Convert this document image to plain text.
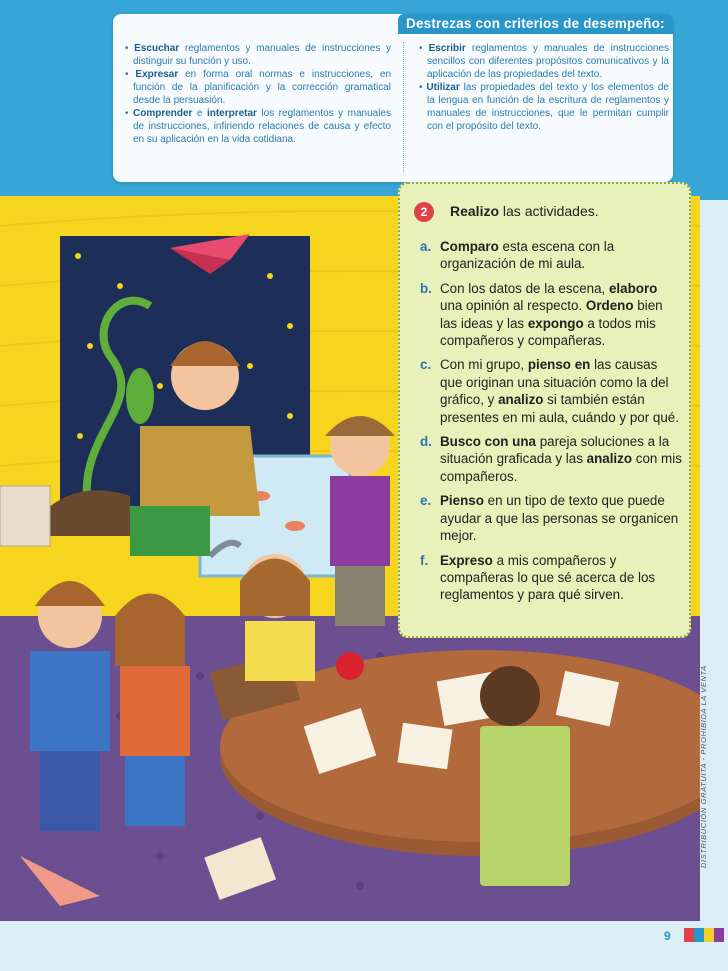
Destrezas con criterios de desempeño:

• Escuchar reglamentos y manuales de instrucciones y distinguir su función y uso.

• Expresar en forma oral normas e instrucciones, en función de la planificación y la corrección gramatical desde la persuasión.

• Comprender e interpretar los reglamentos y manuales de instrucciones, infiriendo relaciones de causa y efecto en su aplicación en la vida cotidiana.

• Escribir reglamentos y manuales de instrucciones sencillos con diferentes propósitos comunicativos y la aplicación de las propiedades del texto.

• Utilizar las propiedades del texto y los elementos de la lengua en función de la escritura de reglamentos y manuales de instrucciones, que le permitan cumplir con el propósito del texto.

2	Realizo las actividades.
a. Comparo esta escena con la organización de mi aula.
b. Con los datos de la escena, elaboro una opinión al respecto. Ordeno bien las ideas y las expongo a todos mis compañeros y compañeras.
c. Con mi grupo, pienso en las causas que originan una situación como la del gráfico, y analizo si también están presentes en mi aula, cuándo y por qué.
d. Busco con una pareja soluciones a la situación graficada y las analizo con mis compañeros.
e. Pienso en un tipo de texto que puede ayudar a que las personas se organicen mejor.
f. Expreso a mis compañeros y compañeras lo que sé acerca de los reglamentos y para qué sirven.
DISTRIBUCIÓN GRATUITA - PROHIBIDA LA VENTA
9
